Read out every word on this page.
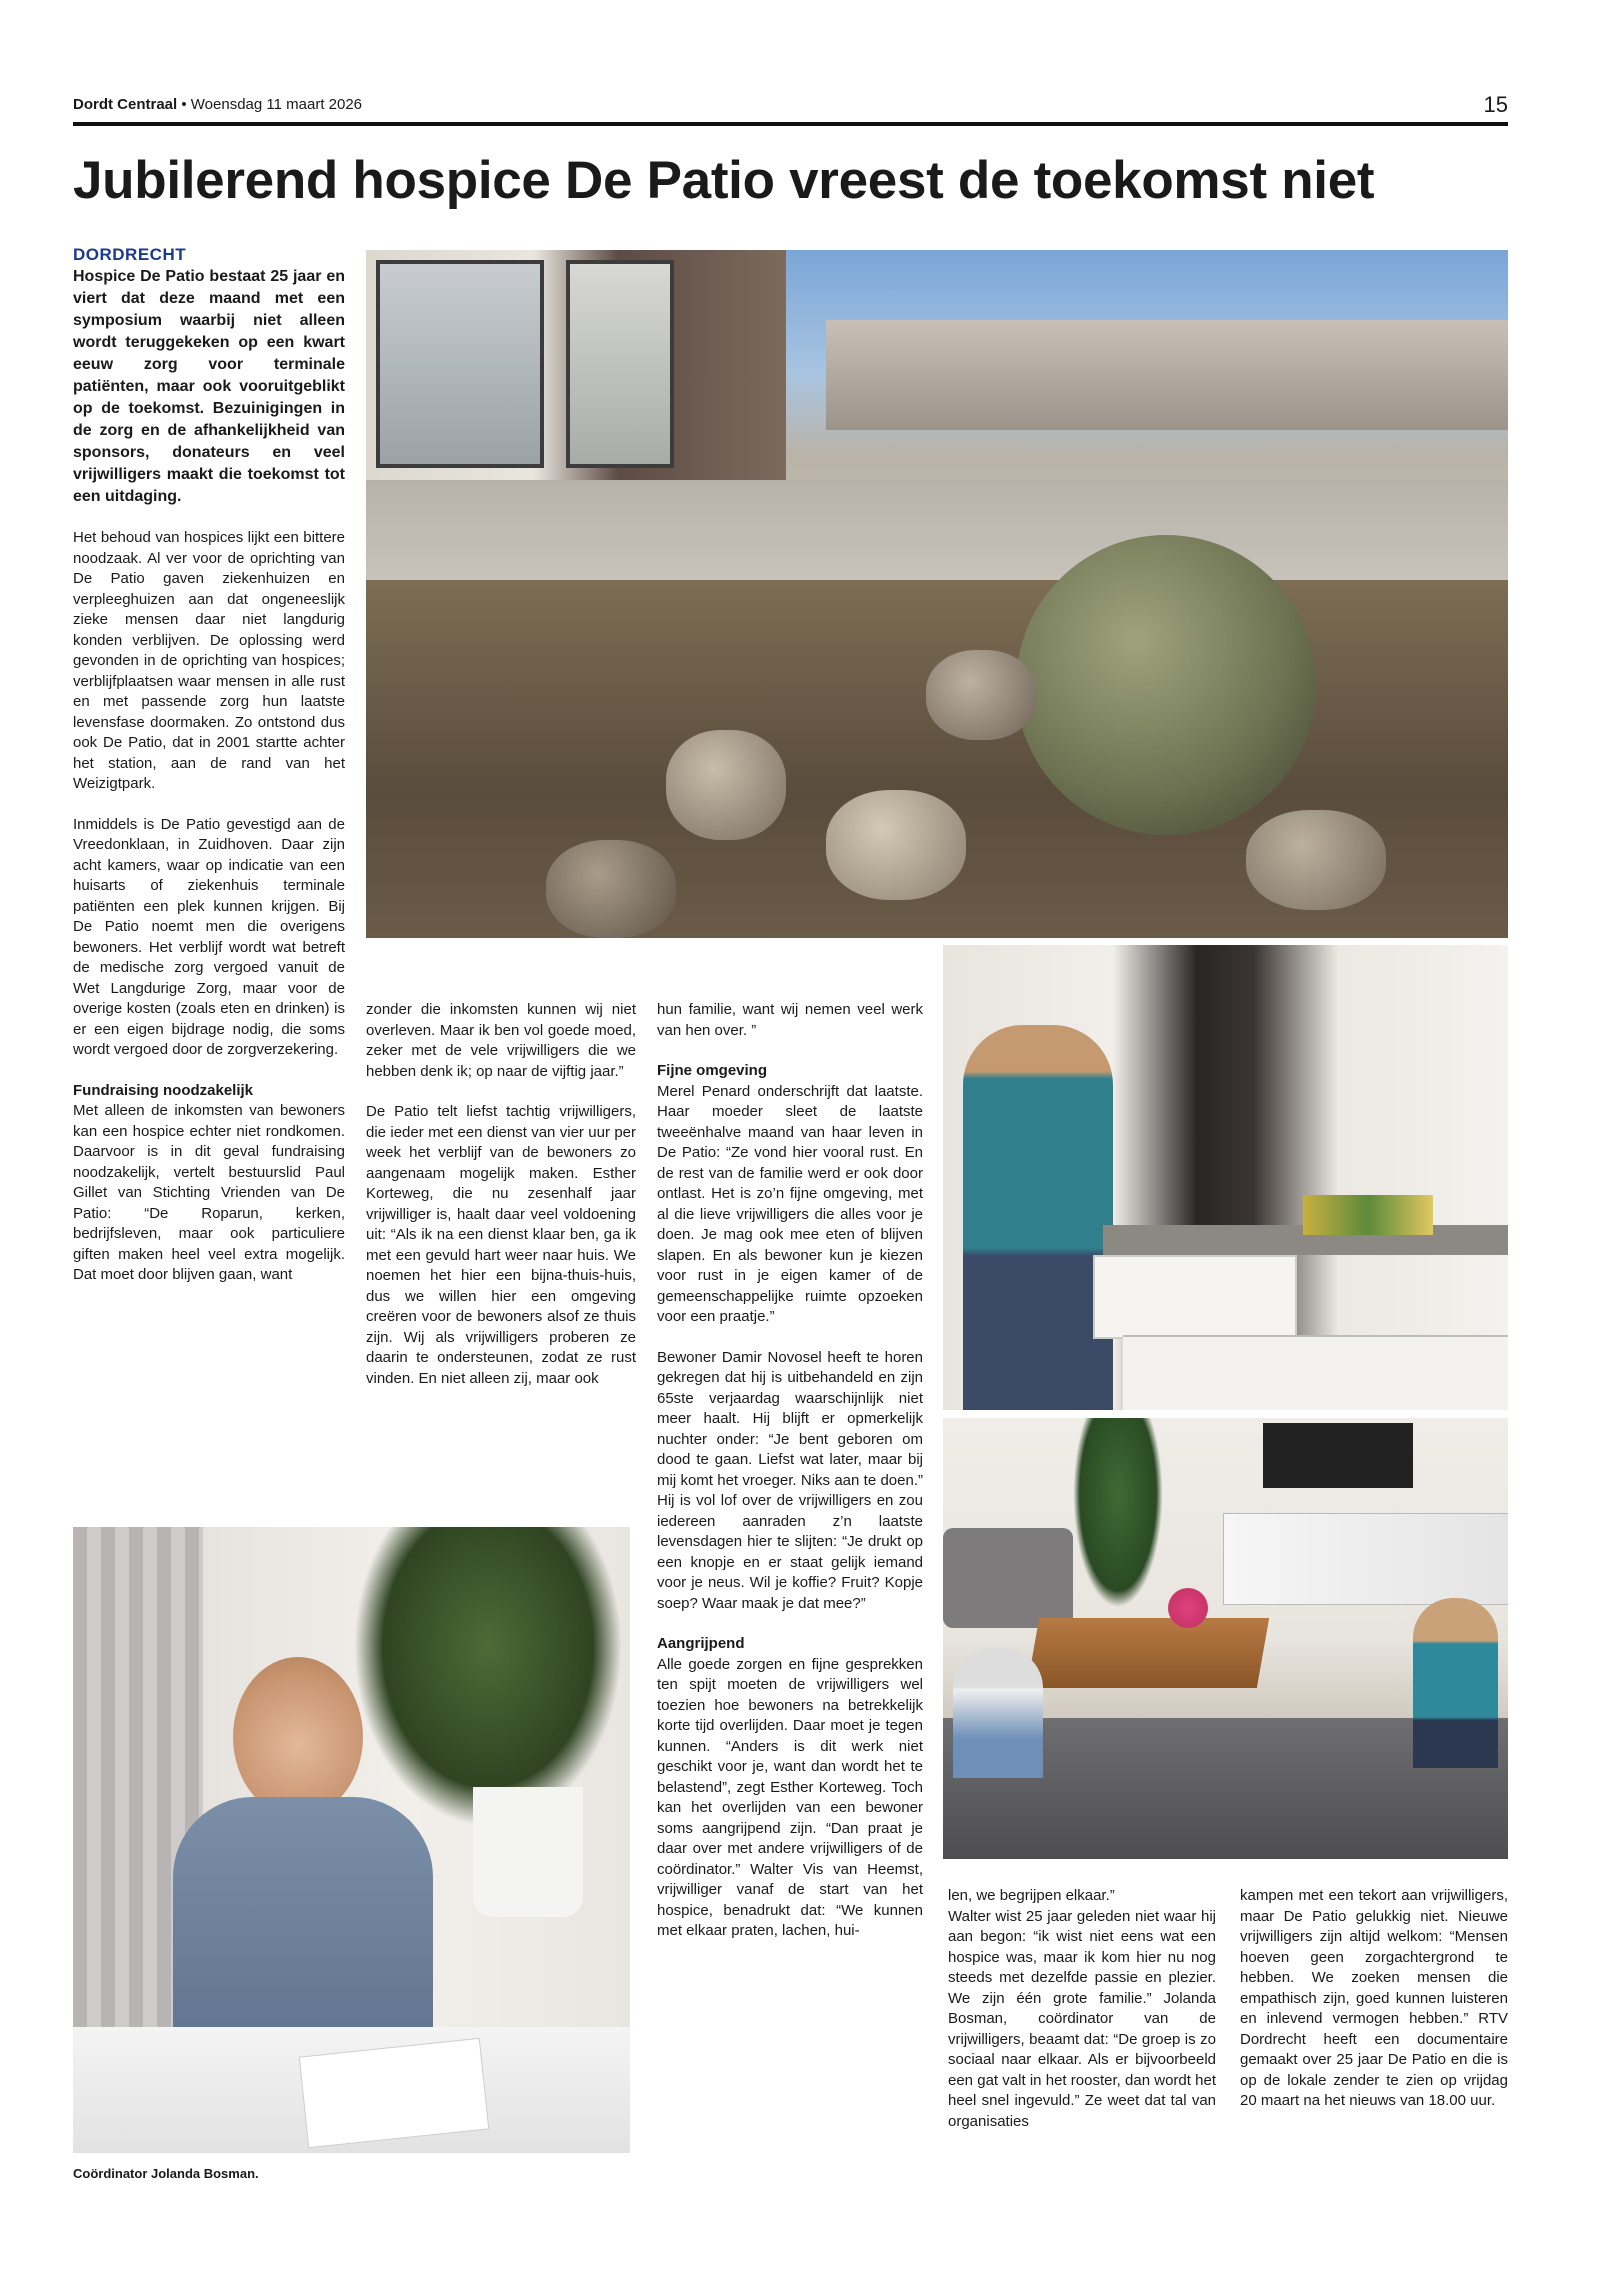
Dordt Centraal • Woensdag 11 maart 2026	15
Jubilerend hospice De Patio vreest de toekomst niet
DORDRECHT

Hospice De Patio bestaat 25 jaar en viert dat deze maand met een symposium waarbij niet alleen wordt teruggekeken op een kwart eeuw zorg voor terminale patiënten, maar ook vooruitgeblikt op de toekomst. Bezuinigingen in de zorg en de afhankelijkheid van sponsors, donateurs en veel vrijwilligers maakt die toekomst tot een uitdaging.

Het behoud van hospices lijkt een bittere noodzaak. Al ver voor de oprichting van De Patio gaven ziekenhuizen en verpleeghuizen aan dat ongeneeslijk zieke mensen daar niet langdurig konden verblijven. De oplossing werd gevonden in de oprichting van hospices; verblijfplaatsen waar mensen in alle rust en met passende zorg hun laatste levensfase doormaken. Zo ontstond dus ook De Patio, dat in 2001 startte achter het station, aan de rand van het Weizigtpark.

Inmiddels is De Patio gevestigd aan de Vreedonklaan, in Zuidhoven. Daar zijn acht kamers, waar op indicatie van een huisarts of ziekenhuis terminale patiënten een plek kunnen krijgen. Bij De Patio noemt men die overigens bewoners. Het verblijf wordt wat betreft de medische zorg vergoed vanuit de Wet Langdurige Zorg, maar voor de overige kosten (zoals eten en drinken) is er een eigen bijdrage nodig, die soms wordt vergoed door de zorgverzekering.

Fundraising noodzakelijk

Met alleen de inkomsten van bewoners kan een hospice echter niet rondkomen. Daarvoor is in dit geval fundraising noodzakelijk, vertelt bestuurslid Paul Gillet van Stichting Vrienden van De Patio: “De Roparun, kerken, bedrijfsleven, maar ook particuliere giften maken heel veel extra mogelijk. Dat moet door blijven gaan, want

zonder die inkomsten kunnen wij niet overleven. Maar ik ben vol goede moed, zeker met de vele vrijwilligers die we hebben denk ik; op naar de vijftig jaar.”

De Patio telt liefst tachtig vrijwilligers, die ieder met een dienst van vier uur per week het verblijf van de bewoners zo aangenaam mogelijk maken. Esther Korteweg, die nu zesenhalf jaar vrijwilliger is, haalt daar veel voldoening uit: “Als ik na een dienst klaar ben, ga ik met een gevuld hart weer naar huis. We noemen het hier een bijna-thuis-huis, dus we willen hier een omgeving creëren voor de bewoners alsof ze thuis zijn. Wij als vrijwilligers proberen ze daarin te ondersteunen, zodat ze rust vinden. En niet alleen zij, maar ook

hun familie, want wij nemen veel werk van hen over. ”

Fijne omgeving

Merel Penard onderschrijft dat laatste. Haar moeder sleet de laatste tweeënhalve maand van haar leven in De Patio: “Ze vond hier vooral rust. En de rest van de familie werd er ook door ontlast. Het is zo’n fijne omgeving, met al die lieve vrijwilligers die alles voor je doen. Je mag ook mee eten of blijven slapen. En als bewoner kun je kiezen voor rust in je eigen kamer of de gemeenschappelijke ruimte opzoeken voor een praatje.”

Bewoner Damir Novosel heeft te horen gekregen dat hij is uitbehandeld en zijn 65ste verjaardag waarschijnlijk niet meer haalt. Hij blijft er opmerkelijk nuchter onder: “Je bent geboren om dood te gaan. Liefst wat later, maar bij mij komt het vroeger. Niks aan te doen.” Hij is vol lof over de vrijwilligers en zou iedereen aanraden z’n laatste levensdagen hier te slijten: “Je drukt op een knopje en er staat gelijk iemand voor je neus. Wil je koffie? Fruit? Kopje soep? Waar maak je dat mee?”

Aangrijpend

Alle goede zorgen en fijne gesprekken ten spijt moeten de vrijwilligers wel toezien hoe bewoners na betrekkelijk korte tijd overlijden. Daar moet je tegen kunnen. “Anders is dit werk niet geschikt voor je, want dan wordt het te belastend”, zegt Esther Korteweg. Toch kan het overlijden van een bewoner soms aangrijpend zijn. “Dan praat je daar over met andere vrijwilligers of de coördinator.” Walter Vis van Heemst, vrijwilliger vanaf de start van het hospice, benadrukt dat: “We kunnen met elkaar praten, lachen, hui-

Coördinator Jolanda Bosman.

len, we begrijpen elkaar.”

Walter wist 25 jaar geleden niet waar hij aan begon: “ik wist niet eens wat een hospice was, maar ik kom hier nu nog steeds met dezelfde passie en plezier. We zijn één grote familie.” Jolanda Bosman, coördinator van de vrijwilligers, beaamt dat: “De groep is zo sociaal naar elkaar. Als er bijvoorbeeld een gat valt in het rooster, dan wordt het heel snel ingevuld.” Ze weet dat tal van organisaties

kampen met een tekort aan vrijwilligers, maar De Patio gelukkig niet. Nieuwe vrijwilligers zijn altijd welkom: “Mensen hoeven geen zorgachtergrond te hebben. We zoeken mensen die empathisch zijn, goed kunnen luisteren en inlevend vermogen hebben.” RTV Dordrecht heeft een documentaire gemaakt over 25 jaar De Patio en die is op de lokale zender te zien op vrijdag 20 maart na het nieuws van 18.00 uur.
